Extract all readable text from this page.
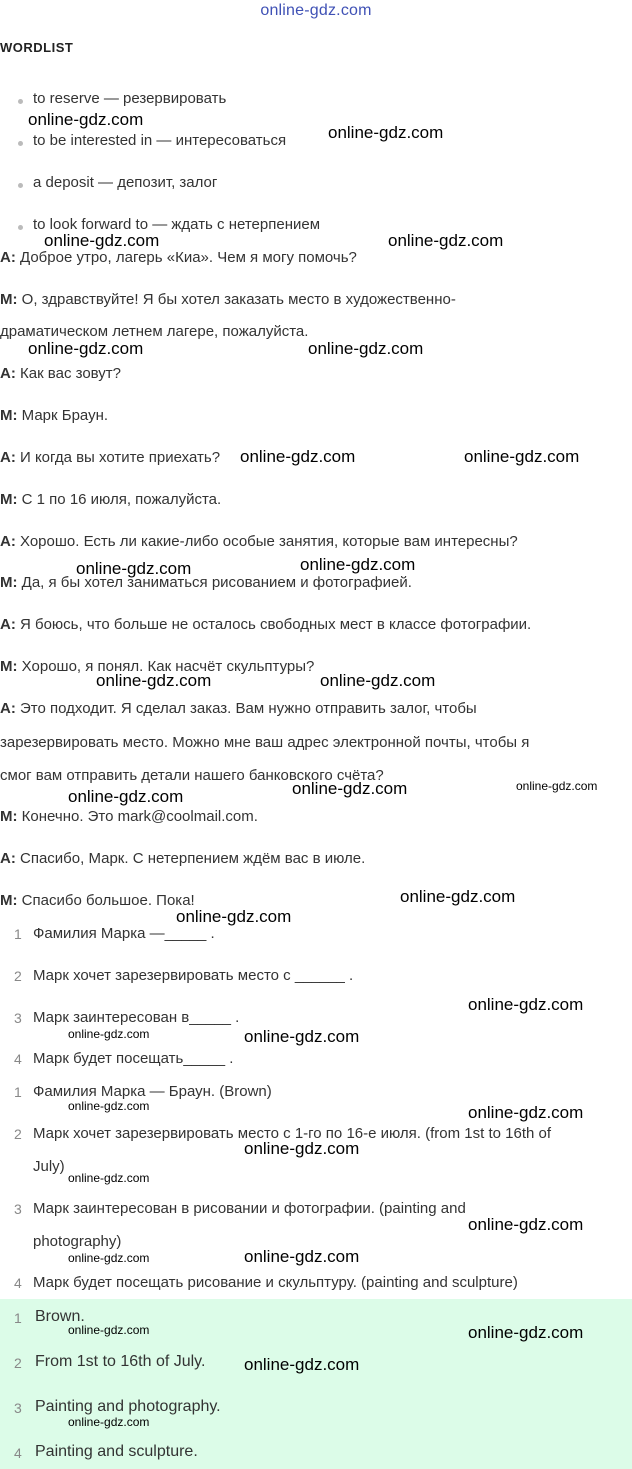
online-gdz.com
WORDLIST
to reserve — резервировать
to be interested in — интересоваться
a deposit — депозит, залог
to look forward to — ждать с нетерпением
A: Доброе утро, лагерь «Киа». Чем я могу помочь?
M: О, здравствуйте! Я бы хотел заказать место в художественно-
драматическом летнем лагере, пожалуйста.
A: Как вас зовут?
M: Марк Браун.
A: И когда вы хотите приехать?
M: С 1 по 16 июля, пожалуйста.
A: Хорошо. Есть ли какие-либо особые занятия, которые вам интересны?
M: Да, я бы хотел заниматься рисованием и фотографией.
A: Я боюсь, что больше не осталось свободных мест в классе фотографии.
M: Хорошо, я понял. Как насчёт скульптуры?
A: Это подходит. Я сделал заказ. Вам нужно отправить залог, чтобы
зарезервировать место. Можно мне ваш адрес электронной почты, чтобы я
смог вам отправить детали нашего банковского счёта?
M: Конечно. Это mark@coolmail.com.
A: Спасибо, Марк. С нетерпением ждём вас в июле.
M: Спасибо большое. Пока!
1 Фамилия Марка —_____ .
2 Марк хочет зарезервировать место с ______ .
3 Марк заинтересован в_____ .
4 Марк будет посещать_____ .
1 Фамилия Марка — Браун. (Brown)
2 Марк хочет зарезервировать место с 1-го по 16-е июля. (from 1st to 16th of
July)
3 Марк заинтересован в рисовании и фотографии. (painting and
photography)
4 Марк будет посещать рисование и скульптуру. (painting and sculpture)
1 Brown.
2 From 1st to 16th of July.
3 Painting and photography.
4 Painting and sculpture.
online-gdz.com
online-gdz.com
online-gdz.com	online-gdz.com
online-gdz.com	online-gdz.com
online-gdz.com	online-gdz.com
online-gdz.com	online-gdz.com
online-gdz.com	online-gdz.com
online-gdz.com	online-gdz.com	online-gdz.com
online-gdz.com
online-gdz.com
online-gdz.com
online-gdz.com	online-gdz.com
online-gdz.com	online-gdz.com
online-gdz.com
online-gdz.com
online-gdz.com
online-gdz.com
online-gdz.com
online-gdz.com	online-gdz.com
online-gdz.com
online-gdz.com
